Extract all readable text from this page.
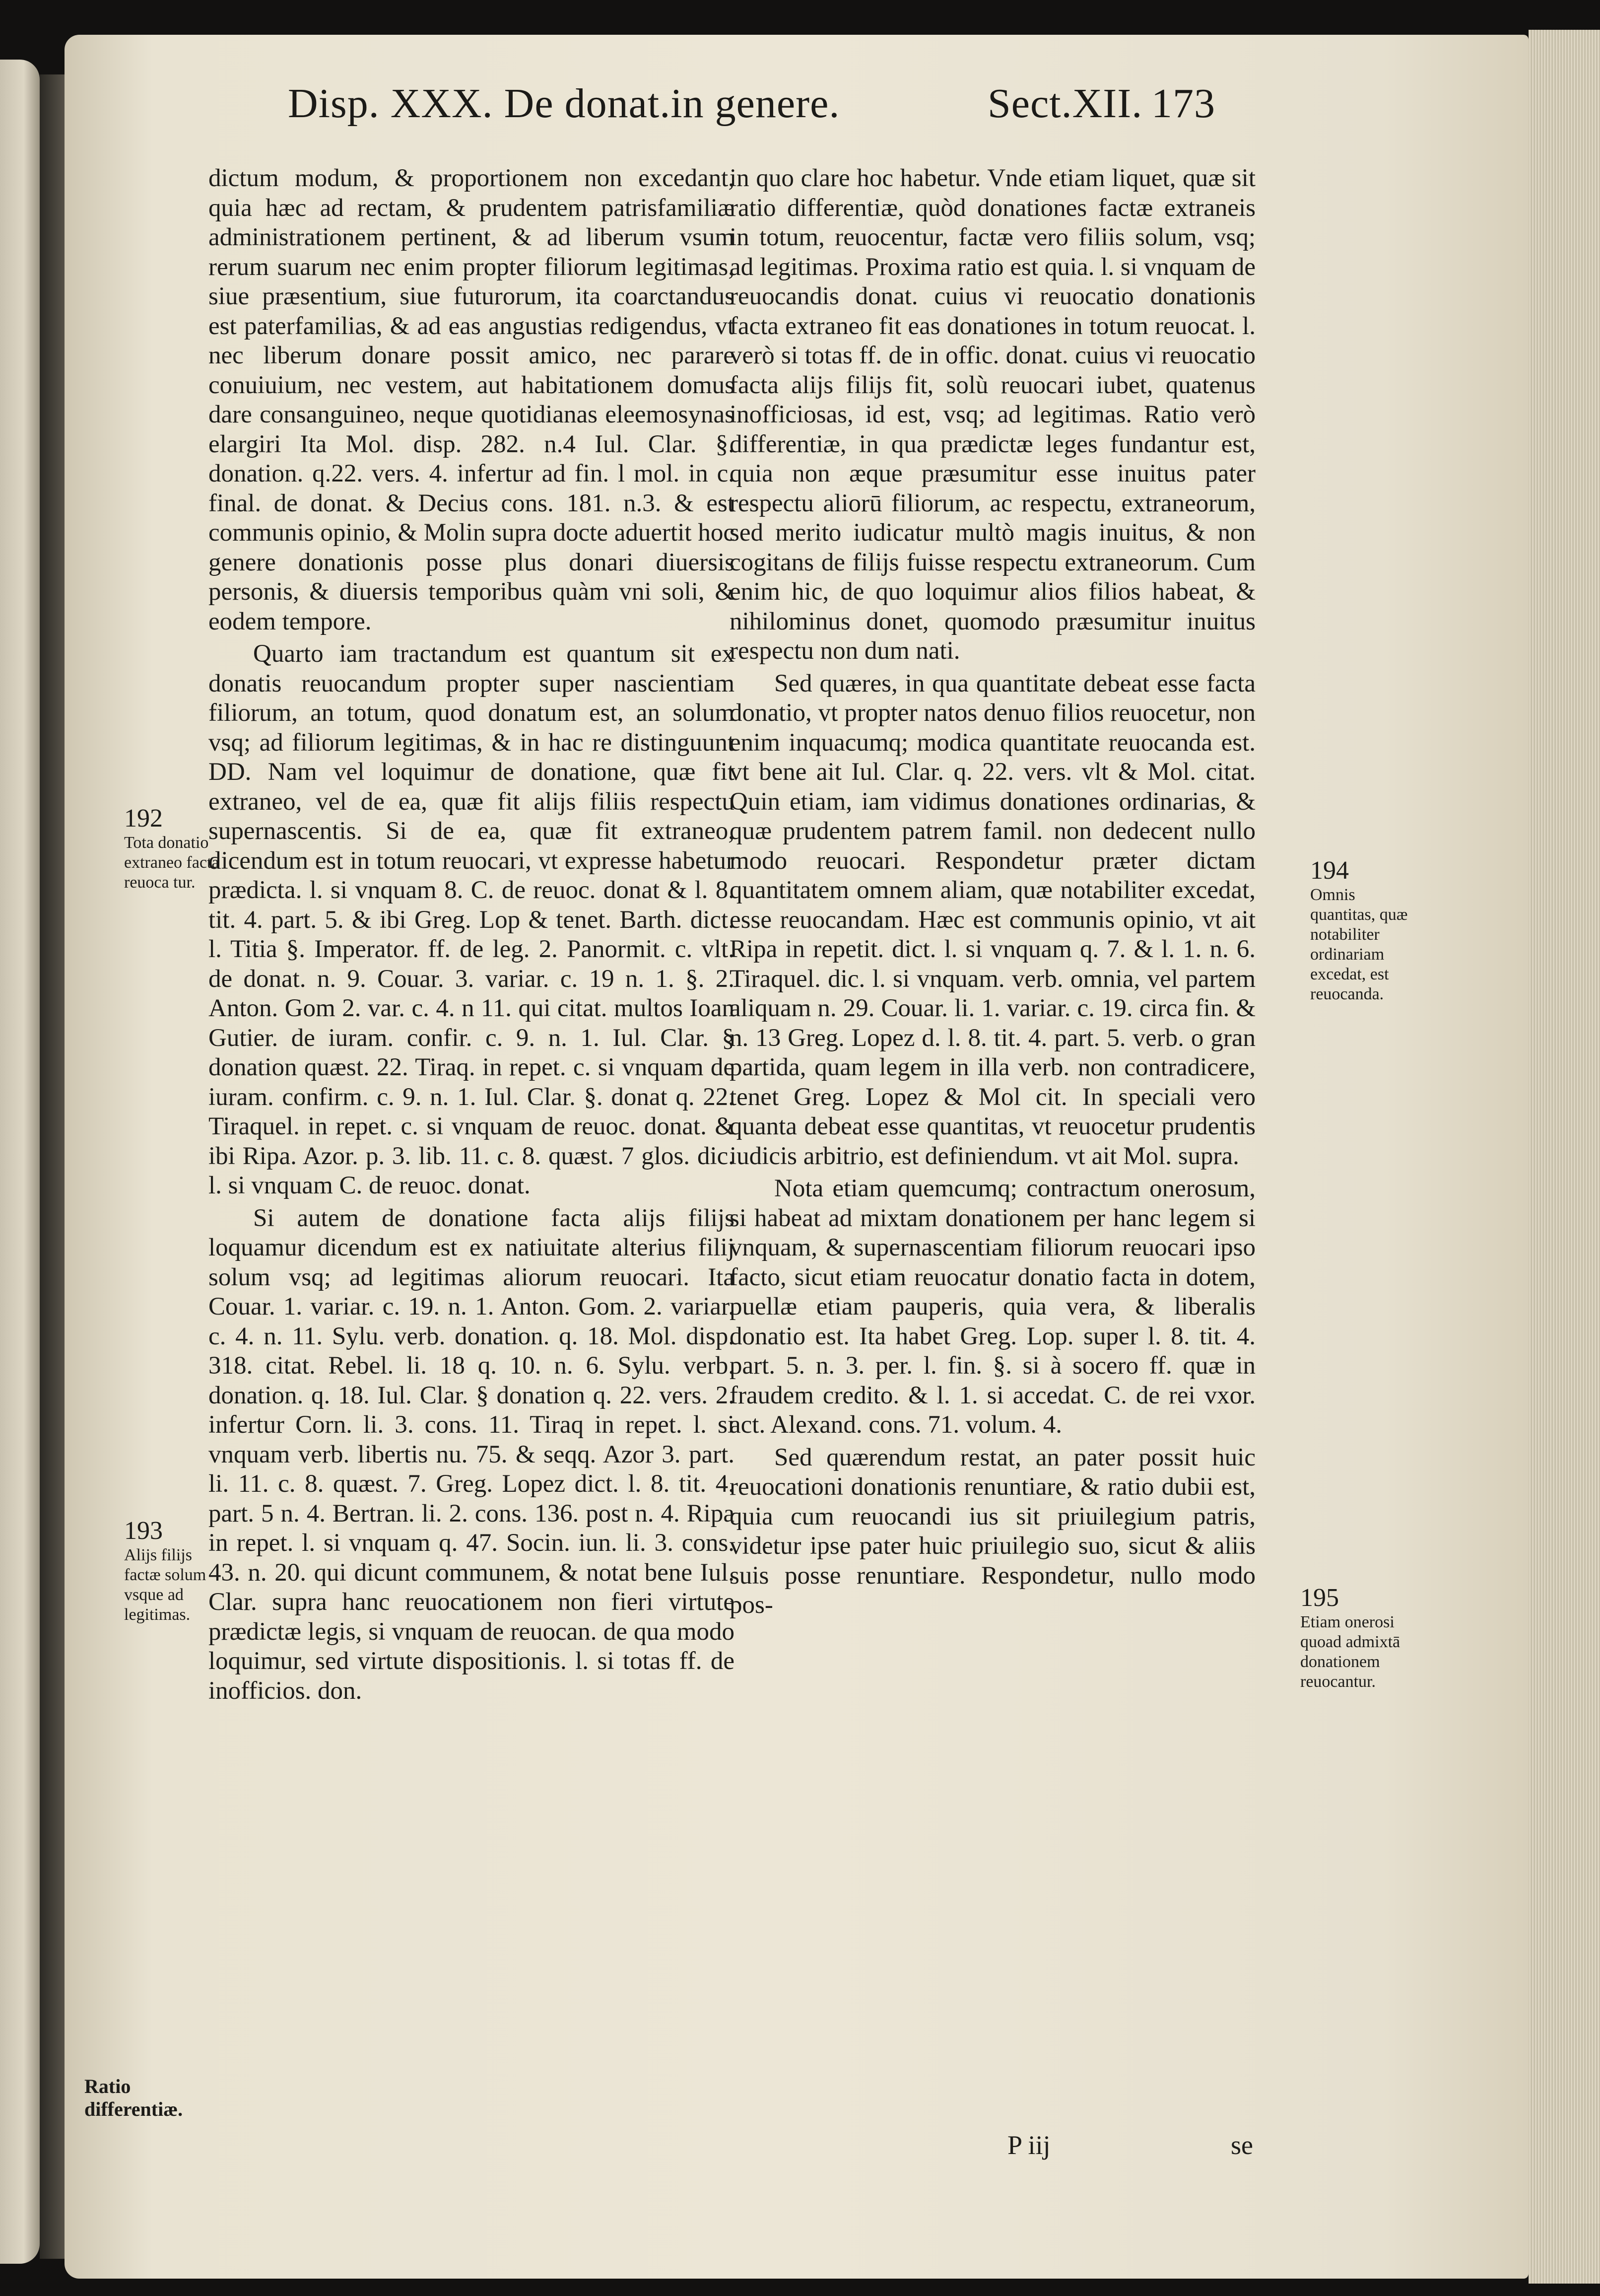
Disp. XXX. De donat.in genere.	Sect.XII. 173

dictum modum, & proportionem non excedant, quia hæc ad rectam, & prudentem patrisfamiliæ administrationem pertinent, & ad liberum vsum rerum suarum nec enim propter filiorum legitimas, siue præsentium, siue futurorum, ita coarctandus est paterfamilias, & ad eas angustias redigendus, vt nec liberum donare possit amico, nec parare conuiuium, nec vestem, aut habitationem domus dare consanguineo, neque quotidianas eleemosynas elargiri Ita Mol. disp. 282. n.4 Iul. Clar. §. donation. q.22. vers. 4. infertur ad fin. l mol. in c. final. de donat. & Decius cons. 181. n.3. & est communis opinio, & Molin supra docte aduertit hoc genere donationis posse plus donari diuersis personis, & diuersis temporibus quàm vni soli, & eodem tempore.

Quarto iam tractandum est quantum sit ex donatis reuocandum propter super nascientiam filiorum, an totum, quod donatum est, an solum vsq; ad filiorum legitimas, & in hac re distinguunt DD. Nam vel loquimur de donatione, quæ fit extraneo, vel de ea, quæ fit alijs filiis respectu supernascentis. Si de ea, quæ fit extraneo, dicendum est in totum reuocari, vt expresse habetur prædicta. l. si vnquam 8. C. de reuoc. donat & l. 8. tit. 4. part. 5. & ibi Greg. Lop & tenet. Barth. dict. l. Titia §. Imperator. ff. de leg. 2. Panormit. c. vlt. de donat. n. 9. Couar. 3. variar. c. 19 n. 1. §. 2. Anton. Gom 2. var. c. 4. n 11. qui citat. multos Ioan Gutier. de iuram. confir. c. 9. n. 1. Iul. Clar. § donation quæst. 22. Tiraq. in repet. c. si vnquam de iuram. confirm. c. 9. n. 1. Iul. Clar. §. donat q. 22. Tiraquel. in repet. c. si vnquam de reuoc. donat. & ibi Ripa. Azor. p. 3. lib. 11. c. 8. quæst. 7 glos. dic. l. si vnquam C. de reuoc. donat.

Si autem de donatione facta alijs filijs loquamur dicendum est ex natiuitate alterius filij solum vsq; ad legitimas aliorum reuocari. Ita Couar. 1. variar. c. 19. n. 1. Anton. Gom. 2. variar. c. 4. n. 11. Sylu. verb. donation. q. 18. Mol. disp. 318. citat. Rebel. li. 18 q. 10. n. 6. Sylu. verb. donation. q. 18. Iul. Clar. § donation q. 22. vers. 2. infertur Corn. li. 3. cons. 11. Tiraq in repet. l. si vnquam verb. libertis nu. 75. & seqq. Azor 3. part. li. 11. c. 8. quæst. 7. Greg. Lopez dict. l. 8. tit. 4. part. 5 n. 4. Bertran. li. 2. cons. 136. post n. 4. Ripa in repet. l. si vnquam q. 47. Socin. iun. li. 3. cons. 43. n. 20. qui dicunt communem, & notat bene Iul. Clar. supra hanc reuocationem non fieri virtute prædictæ legis, si vnquam de reuocan. de qua modo loquimur, sed virtute dispositionis. l. si totas ff. de inofficios. don.

in quo clare hoc habetur. Vnde etiam liquet, quæ sit ratio differentiæ, quòd donationes factæ extraneis in totum, reuocentur, factæ vero filiis solum, vsq; ad legitimas. Proxima ratio est quia. l. si vnquam de reuocandis donat. cuius vi reuocatio donationis facta extraneo fit eas donationes in totum reuocat. l. verò si totas ff. de in offic. donat. cuius vi reuocatio facta alijs filijs fit, solù reuocari iubet, quatenus inofficiosas, id est, vsq; ad legitimas. Ratio verò differentiæ, in qua prædictæ leges fundantur est, quia non æque præsumitur esse inuitus pater respectu aliorū filiorum, ac respectu, extraneorum, sed merito iudicatur multò magis inuitus, & non cogitans de filijs fuisse respectu extraneorum. Cum enim hic, de quo loquimur alios filios habeat, & nihilominus donet, quomodo præsumitur inuitus respectu non dum nati.

Sed quæres, in qua quantitate debeat esse facta donatio, vt propter natos denuo filios reuocetur, non enim inquacumq; modica quantitate reuocanda est. vt bene ait Iul. Clar. q. 22. vers. vlt & Mol. citat. Quin etiam, iam vidimus donationes ordinarias, & quæ prudentem patrem famil. non dedecent nullo modo reuocari. Respondetur præter dictam quantitatem omnem aliam, quæ notabiliter excedat, esse reuocandam. Hæc est communis opinio, vt ait Ripa in repetit. dict. l. si vnquam q. 7. & l. 1. n. 6. Tiraquel. dic. l. si vnquam. verb. omnia, vel partem aliquam n. 29. Couar. li. 1. variar. c. 19. circa fin. & n. 13 Greg. Lopez d. l. 8. tit. 4. part. 5. verb. o gran partida, quam legem in illa verb. non contradicere, tenet Greg. Lopez & Mol cit. In speciali vero quanta debeat esse quantitas, vt reuocetur prudentis iudicis arbitrio, est definiendum. vt ait Mol. supra.

Nota etiam quemcumq; contractum onerosum, si habeat ad mixtam donationem per hanc legem si vnquam, & supernascentiam filiorum reuocari ipso facto, sicut etiam reuocatur donatio facta in dotem, puellæ etiam pauperis, quia vera, & liberalis donatio est. Ita habet Greg. Lop. super l. 8. tit. 4. part. 5. n. 3. per. l. fin. §. si à socero ff. quæ in fraudem credito. & l. 1. si accedat. C. de rei vxor. act. Alexand. cons. 71. volum. 4.

Sed quærendum restat, an pater possit huic reuocationi donationis renuntiare, & ratio dubii est, quia cum reuocandi ius sit priuilegium patris, videtur ipse pater huic priuilegio suo, sicut & aliis suis posse renuntiare. Respondetur, nullo modo pos-

192
Tota donatio extraneo facta reuoca tur.
193
Alijs filijs factæ solum vsque ad legitimas.
Ratio differentiæ.
194
Omnis quantitas, quæ notabiliter ordinariam excedat, est reuocanda.
195
Etiam onerosi quoad admixtā donationem reuocantur.
P iij	se
